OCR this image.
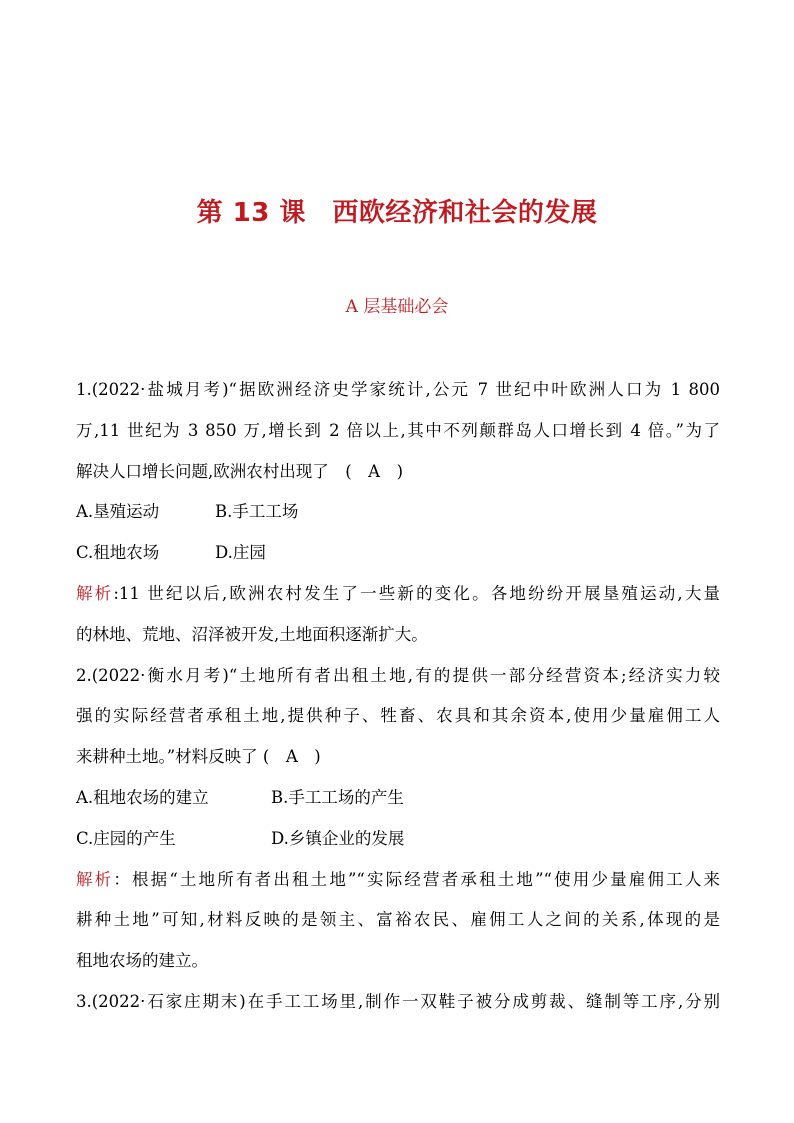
第 13 课　西欧经济和社会的发展
A 层基础必会
1.(2022·盐城月考)“据欧洲经济史学家统计,公元 7 世纪中叶欧洲人口为 1 800
万,11 世纪为 3 850 万,增长到 2 倍以上,其中不列颠群岛人口增长到 4 倍。”为了
解决人口增长问题,欧洲农村出现了　(　A　)
A.垦殖运动	B.手工工场
C.租地农场	D.庄园
解析:11 世纪以后,欧洲农村发生了一些新的变化。各地纷纷开展垦殖运动,大量
的林地、荒地、沼泽被开发,土地面积逐渐扩大。
2.(2022·衡水月考)“土地所有者出租土地,有的提供一部分经营资本;经济实力较
强的实际经营者承租土地,提供种子、牲畜、农具和其余资本,使用少量雇佣工人
来耕种土地。”材料反映了 (　A　)
A.租地农场的建立	B.手工工场的产生
C.庄园的产生	D.乡镇企业的发展
解析：根据“土地所有者出租土地”“实际经营者承租土地”“使用少量雇佣工人来
耕种土地”可知,材料反映的是领主、富裕农民、雇佣工人之间的关系,体现的是
租地农场的建立。
3.(2022·石家庄期末)在手工工场里,制作一双鞋子被分成剪裁、缝制等工序,分别
